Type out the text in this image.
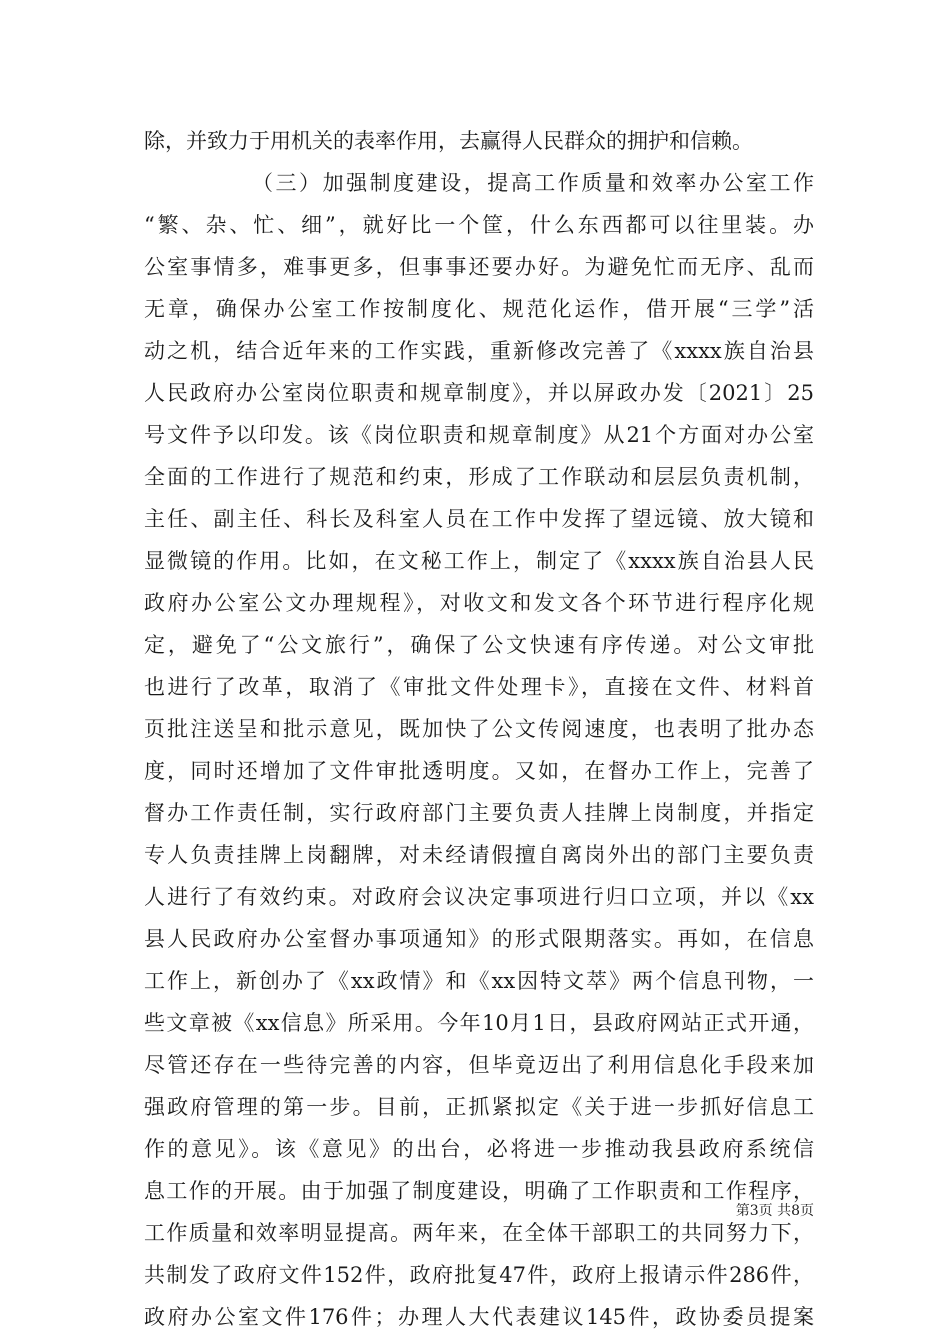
除，并致力于用机关的表率作用，去赢得人民群众的拥护和信赖。
（三）加强制度建设，提高工作质量和效率办公室工作
“繁、杂、忙、细”，就好比一个筐，什么东西都可以往里装。办
公室事情多，难事更多，但事事还要办好。为避免忙而无序、乱而
无章，确保办公室工作按制度化、规范化运作，借开展“三学”活
动之机，结合近年来的工作实践，重新修改完善了《xxxx族自治县
人民政府办公室岗位职责和规章制度》，并以屏政办发〔2021〕25
号文件予以印发。该《岗位职责和规章制度》从21个方面对办公室
全面的工作进行了规范和约束，形成了工作联动和层层负责机制，
主任、副主任、科长及科室人员在工作中发挥了望远镜、放大镜和
显微镜的作用。比如，在文秘工作上，制定了《xxxx族自治县人民
政府办公室公文办理规程》，对收文和发文各个环节进行程序化规
定，避免了“公文旅行”，确保了公文快速有序传递。对公文审批
也进行了改革，取消了《审批文件处理卡》，直接在文件、材料首
页批注送呈和批示意见，既加快了公文传阅速度，也表明了批办态
度，同时还增加了文件审批透明度。又如，在督办工作上，完善了
督办工作责任制，实行政府部门主要负责人挂牌上岗制度，并指定
专人负责挂牌上岗翻牌，对未经请假擅自离岗外出的部门主要负责
人进行了有效约束。对政府会议决定事项进行归口立项，并以《xx
县人民政府办公室督办事项通知》的形式限期落实。再如，在信息
工作上，新创办了《xx政情》和《xx因特文萃》两个信息刊物，一
些文章被《xx信息》所采用。今年10月1日，县政府网站正式开通，
尽管还存在一些待完善的内容，但毕竟迈出了利用信息化手段来加
强政府管理的第一步。目前，正抓紧拟定《关于进一步抓好信息工
作的意见》。该《意见》的出台，必将进一步推动我县政府系统信
息工作的开展。由于加强了制度建设，明确了工作职责和工作程序，
工作质量和效率明显提高。两年来，在全体干部职工的共同努力下，
共制发了政府文件152件，政府批复47件，政府上报请示件286件，
政府办公室文件176件；办理人大代表建议145件，政协委员提案
第3页 共8页
